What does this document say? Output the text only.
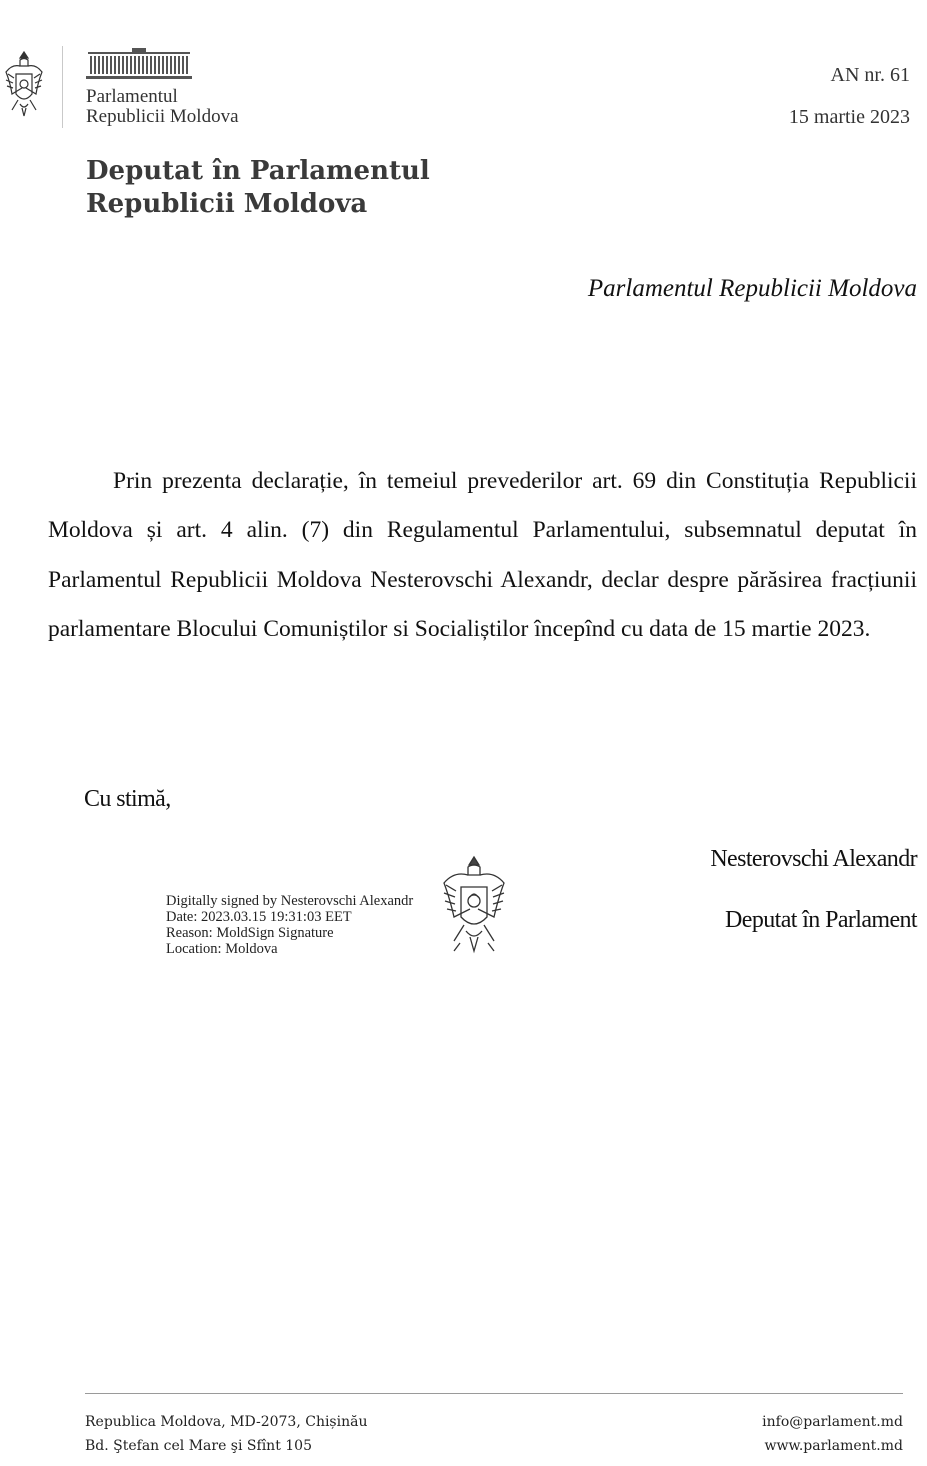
Parlamentul
Republicii Moldova
AN nr. 61
15 martie 2023
Deputat în Parlamentul
Republicii Moldova
Parlamentul Republicii Moldova

Prin prezenta declarație, în temeiul prevederilor art. 69 din Constituția Republicii Moldova și art. 4 alin. (7) din Regulamentul Parlamentului, subsemnatul deputat în Parlamentul Republicii Moldova Nesterovschi Alexandr, declar despre părăsirea fracțiunii parlamentare Blocului Comuniștilor si Socialiștilor începînd cu data de 15 martie 2023.

Cu stimă,
Nesterovschi Alexandr
Deputat în Parlament
Digitally signed by Nesterovschi Alexandr
Date: 2023.03.15 19:31:03 EET
Reason: MoldSign Signature
Location: Moldova
Republica Moldova, MD-2073, Chișinău
Bd. Ştefan cel Mare şi Sfînt 105
info@parlament.md
www.parlament.md
